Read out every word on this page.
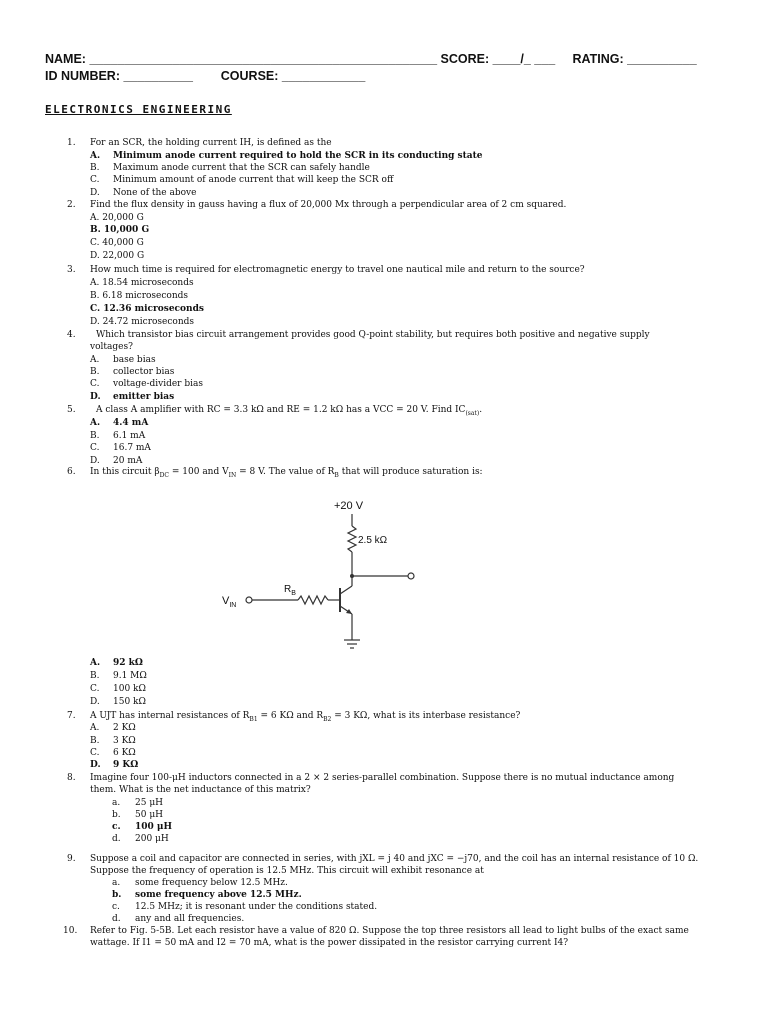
NAME: __________________________________________________ SCORE: ____/_ ___     RATING: __________
ID NUMBER: __________        COURSE: ____________
ELECTRONICS ENGINEERING
1. For an SCR, the holding current IH, is defined as the
A. Minimum anode current required to hold the SCR in its conducting state
B. Maximum anode current that the SCR can safely handle
C. Minimum amount of anode current that will keep the SCR off
D. None of the above
2. Find the flux density in gauss having a flux of 20,000 Mx through a perpendicular area of 2 cm squared.
A. 20,000 G
B. 10,000 G
C. 40,000 G
D. 22,000 G
3. How much time is required for electromagnetic energy to travel one nautical mile and return to the source?
A. 18.54 microseconds
B. 6.18 microseconds
C. 12.36 microseconds
D. 24.72 microseconds
4. Which transistor bias circuit arrangement provides good Q-point stability, but requires both positive and negative supply
voltages?
A. base bias
B. collector bias
C. voltage-divider bias
D. emitter bias
5. A class A amplifier with RC = 3.3 kΩ and RE = 1.2 kΩ has a VCC = 20 V. Find $IC_{(sat)}$.
A. 4.4 mA
B. 6.1 mA
C. 16.7 mA
D. 20 mA
6. In this circuit $\beta_{DC} = 100$ and $V_{IN} = 8$ V. The value of $R_B$ that will produce saturation is:
+20 V
2.5 kΩ
$R_B$
$V_{IN}$
A. 92 kΩ
B. 9.1 MΩ
C. 100 kΩ
D. 150 kΩ
7. A UJT has internal resistances of $R_{B1} = 6$ KΩ and $R_{B2} = 3$ KΩ, what is its interbase resistance?
A. 2 KΩ
B. 3 KΩ
C. 6 KΩ
D. 9 KΩ
8. Imagine four 100-μH inductors connected in a 2 × 2 series-parallel combination. Suppose there is no mutual inductance among
them. What is the net inductance of this matrix?
a. 25 μH
b. 50 μH
c. 100 μH
d. 200 μH
9. Suppose a coil and capacitor are connected in series, with jXL = j 40 and jXC = −j70, and the coil has an internal resistance of 10 Ω.
Suppose the frequency of operation is 12.5 MHz. This circuit will exhibit resonance at
a. some frequency below 12.5 MHz.
b. some frequency above 12.5 MHz.
c. 12.5 MHz; it is resonant under the conditions stated.
d. any and all frequencies.
10. Refer to Fig. 5-5B. Let each resistor have a value of 820 Ω. Suppose the top three resistors all lead to light bulbs of the exact same
wattage. If I1 = 50 mA and I2 = 70 mA, what is the power dissipated in the resistor carrying current I4?
